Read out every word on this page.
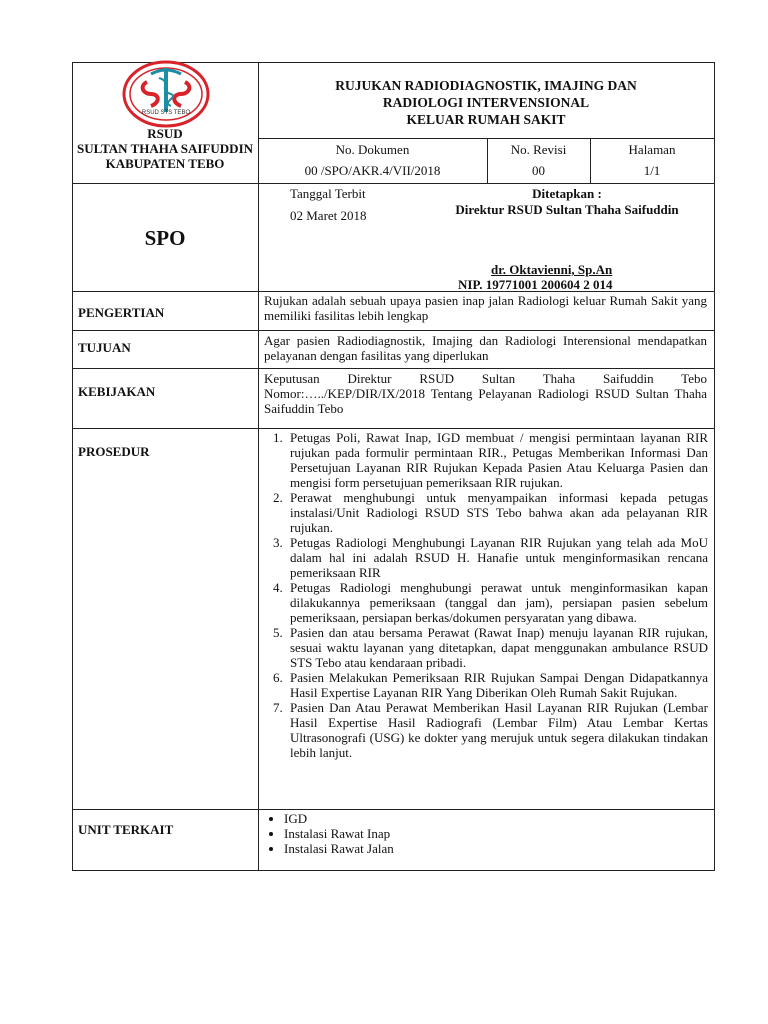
RSUD STS TEBO
RSUD
SULTAN THAHA SAIFUDDIN
KABUPATEN TEBO
RUJUKAN RADIODIAGNOSTIK, IMAJING DAN
RADIOLOGI INTERVENSIONAL
KELUAR RUMAH SAKIT
No. Dokumen
00 /SPO/AKR.4/VII/2018
No. Revisi
00
Halaman
1/1
SPO
Tanggal Terbit
02 Maret 2018
Ditetapkan :
Direktur RSUD Sultan Thaha Saifuddin
dr. Oktavienni, Sp.An
NIP. 19771001 200604 2 014
PENGERTIAN
Rujukan adalah sebuah upaya pasien inap jalan Radiologi keluar Rumah Sakit yang memiliki fasilitas lebih lengkap
TUJUAN	Agar pasien Radiodiagnostik, Imajing dan Radiologi Interensional mendapatkan pelayanan dengan fasilitas yang diperlukan
KEBIJAKAN
Keputusan Direktur RSUD Sultan Thaha Saifuddin Tebo Nomor:…../KEP/DIR/IX/2018 Tentang Pelayanan Radiologi RSUD Sultan Thaha Saifuddin Tebo
PROSEDUR
1. Petugas Poli, Rawat Inap, IGD membuat / mengisi permintaan layanan RIR rujukan pada formulir permintaan RIR., Petugas Memberikan Informasi Dan Persetujuan Layanan RIR Rujukan Kepada Pasien Atau Keluarga Pasien dan mengisi form persetujuan pemeriksaan RIR rujukan.
2. Perawat menghubungi untuk menyampaikan informasi kepada petugas instalasi/Unit Radiologi RSUD STS Tebo bahwa akan ada pelayanan RIR rujukan.
3. Petugas Radiologi Menghubungi Layanan RIR Rujukan yang telah ada MoU dalam hal ini adalah RSUD H. Hanafie untuk menginformasikan rencana pemeriksaan RIR
4. Petugas Radiologi menghubungi perawat untuk menginformasikan kapan dilakukannya pemeriksaan (tanggal dan jam), persiapan pasien sebelum pemeriksaan, persiapan berkas/dokumen persyaratan yang dibawa.
5. Pasien dan atau bersama Perawat (Rawat Inap) menuju layanan RIR rujukan, sesuai waktu layanan yang ditetapkan, dapat menggunakan ambulance RSUD STS Tebo atau kendaraan pribadi.
6. Pasien Melakukan Pemeriksaan RIR Rujukan Sampai Dengan Didapatkannya Hasil Expertise Layanan RIR Yang Diberikan Oleh Rumah Sakit Rujukan.
7. Pasien Dan Atau Perawat Memberikan Hasil Layanan RIR Rujukan (Lembar Hasil Expertise Hasil Radiografi (Lembar Film) Atau Lembar Kertas Ultrasonografi (USG) ke dokter yang merujuk untuk segera dilakukan tindakan lebih lanjut.
UNIT TERKAIT
• IGD
• Instalasi Rawat Inap
• Instalasi Rawat Jalan
